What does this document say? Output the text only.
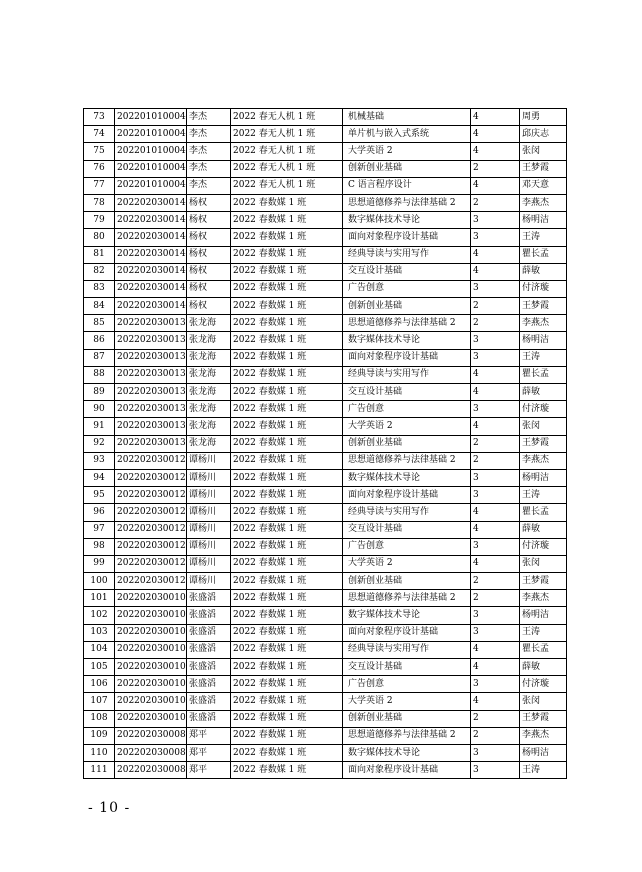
73	202201010004	李杰	2022 春无人机 1 班	机械基础	4	周勇
74	202201010004	李杰	2022 春无人机 1 班	单片机与嵌入式系统	4	邱庆志
75	202201010004	李杰	2022 春无人机 1 班	大学英语 2	4	张闵
76	202201010004	李杰	2022 春无人机 1 班	创新创业基础	2	王梦霞
77	202201010004	李杰	2022 春无人机 1 班	C 语言程序设计	4	邓天意
78	202202030014	杨权	2022 春数媒 1 班	思想道德修养与法律基础 2	2	李燕杰
79	202202030014	杨权	2022 春数媒 1 班	数字媒体技术导论	3	杨明洁
80	202202030014	杨权	2022 春数媒 1 班	面向对象程序设计基础	3	王涛
81	202202030014	杨权	2022 春数媒 1 班	经典导读与实用写作	4	瞿长孟
82	202202030014	杨权	2022 春数媒 1 班	交互设计基础	4	薛敏
83	202202030014	杨权	2022 春数媒 1 班	广告创意	3	付济璇
84	202202030014	杨权	2022 春数媒 1 班	创新创业基础	2	王梦霞
85	202202030013	张龙海	2022 春数媒 1 班	思想道德修养与法律基础 2	2	李燕杰
86	202202030013	张龙海	2022 春数媒 1 班	数字媒体技术导论	3	杨明洁
87	202202030013	张龙海	2022 春数媒 1 班	面向对象程序设计基础	3	王涛
88	202202030013	张龙海	2022 春数媒 1 班	经典导读与实用写作	4	瞿长孟
89	202202030013	张龙海	2022 春数媒 1 班	交互设计基础	4	薛敏
90	202202030013	张龙海	2022 春数媒 1 班	广告创意	3	付济璇
91	202202030013	张龙海	2022 春数媒 1 班	大学英语 2	4	张闵
92	202202030013	张龙海	2022 春数媒 1 班	创新创业基础	2	王梦霞
93	202202030012	谭杨川	2022 春数媒 1 班	思想道德修养与法律基础 2	2	李燕杰
94	202202030012	谭杨川	2022 春数媒 1 班	数字媒体技术导论	3	杨明洁
95	202202030012	谭杨川	2022 春数媒 1 班	面向对象程序设计基础	3	王涛
96	202202030012	谭杨川	2022 春数媒 1 班	经典导读与实用写作	4	瞿长孟
97	202202030012	谭杨川	2022 春数媒 1 班	交互设计基础	4	薛敏
98	202202030012	谭杨川	2022 春数媒 1 班	广告创意	3	付济璇
99	202202030012	谭杨川	2022 春数媒 1 班	大学英语 2	4	张闵
100	202202030012	谭杨川	2022 春数媒 1 班	创新创业基础	2	王梦霞
101	202202030010	张盛滔	2022 春数媒 1 班	思想道德修养与法律基础 2	2	李燕杰
102	202202030010	张盛滔	2022 春数媒 1 班	数字媒体技术导论	3	杨明洁
103	202202030010	张盛滔	2022 春数媒 1 班	面向对象程序设计基础	3	王涛
104	202202030010	张盛滔	2022 春数媒 1 班	经典导读与实用写作	4	瞿长孟
105	202202030010	张盛滔	2022 春数媒 1 班	交互设计基础	4	薛敏
106	202202030010	张盛滔	2022 春数媒 1 班	广告创意	3	付济璇
107	202202030010	张盛滔	2022 春数媒 1 班	大学英语 2	4	张闵
108	202202030010	张盛滔	2022 春数媒 1 班	创新创业基础	2	王梦霞
109	202202030008	郑平	2022 春数媒 1 班	思想道德修养与法律基础 2	2	李燕杰
110	202202030008	郑平	2022 春数媒 1 班	数字媒体技术导论	3	杨明洁
111	202202030008	郑平	2022 春数媒 1 班	面向对象程序设计基础	3	王涛
- 10 -
